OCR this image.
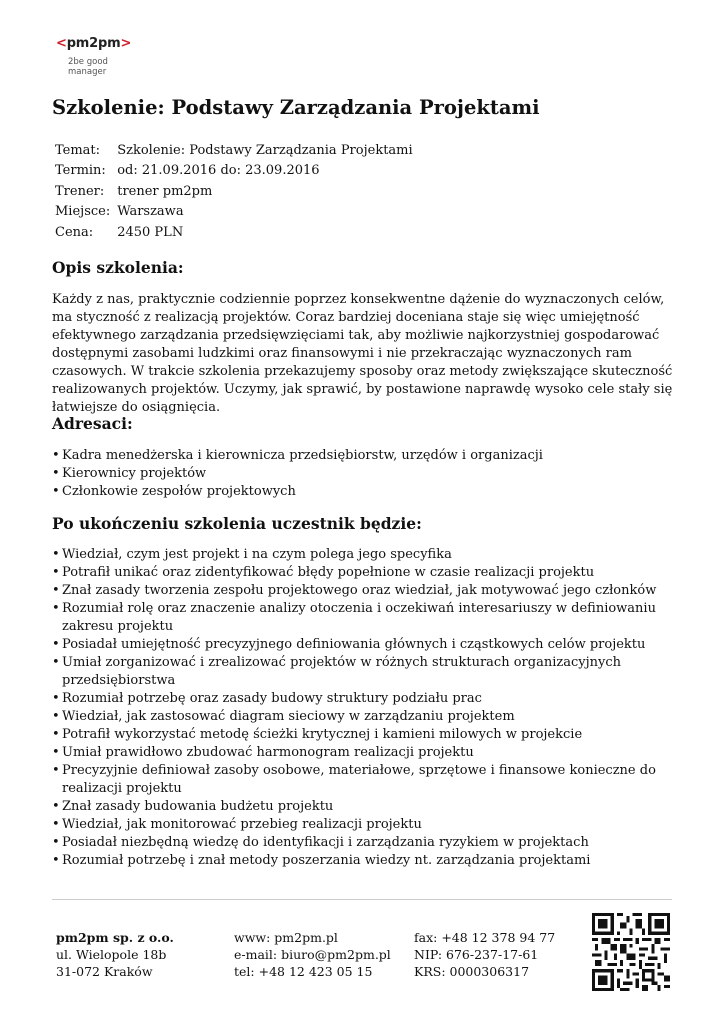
<pm2pm>
2be good
manager
Szkolenie: Podstawy Zarządzania Projektami
Temat:	Szkolenie: Podstawy Zarządzania Projektami
Termin:	od: 21.09.2016 do: 23.09.2016
Trener:	trener pm2pm
Miejsce:	Warszawa
Cena:	2450 PLN
Opis szkolenia:

Każdy z nas, praktycznie codziennie poprzez konsekwentne dążenie do wyznaczonych celów, ma styczność z realizacją projektów. Coraz bardziej doceniana staje się więc umiejętność efektywnego zarządzania przedsięwzięciami tak, aby możliwie najkorzystniej gospodarować dostępnymi zasobami ludzkimi oraz finansowymi i nie przekraczając wyznaczonych ram czasowych. W trakcie szkolenia przekazujemy sposoby oraz metody zwiększające skuteczność realizowanych projektów. Uczymy, jak sprawić, by postawione naprawdę wysoko cele stały się łatwiejsze do osiągnięcia.

Adresaci:
• Kadra menedżerska i kierownicza przedsiębiorstw, urzędów i organizacji
• Kierownicy projektów
• Członkowie zespołów projektowych
Po ukończeniu szkolenia uczestnik będzie:
• Wiedział, czym jest projekt i na czym polega jego specyfika
• Potrafił unikać oraz zidentyfikować błędy popełnione w czasie realizacji projektu
• Znał zasady tworzenia zespołu projektowego oraz wiedział, jak motywować jego członków
• Rozumiał rolę oraz znaczenie analizy otoczenia i oczekiwań interesariuszy w definiowaniu zakresu projektu
• Posiadał umiejętność precyzyjnego definiowania głównych i cząstkowych celów projektu
• Umiał zorganizować i zrealizować projektów w różnych strukturach organizacyjnych przedsiębiorstwa
• Rozumiał potrzebę oraz zasady budowy struktury podziału prac
• Wiedział, jak zastosować diagram sieciowy w zarządzaniu projektem
• Potrafił wykorzystać metodę ścieżki krytycznej i kamieni milowych w projekcie
• Umiał prawidłowo zbudować harmonogram realizacji projektu
• Precyzyjnie definiował zasoby osobowe, materiałowe, sprzętowe i finansowe konieczne do realizacji projektu
• Znał zasady budowania budżetu projektu
• Wiedział, jak monitorować przebieg realizacji projektu
• Posiadał niezbędną wiedzę do identyfikacji i zarządzania ryzykiem w projektach
• Rozumiał potrzebę i znał metody poszerzania wiedzy nt. zarządzania projektami
pm2pm sp. z o.o.
ul. Wielopole 18b
31-072 Kraków
www: pm2pm.pl
e-mail: biuro@pm2pm.pl
tel: +48 12 423 05 15
fax: +48 12 378 94 77
NIP: 676-237-17-61
KRS: 0000306317
